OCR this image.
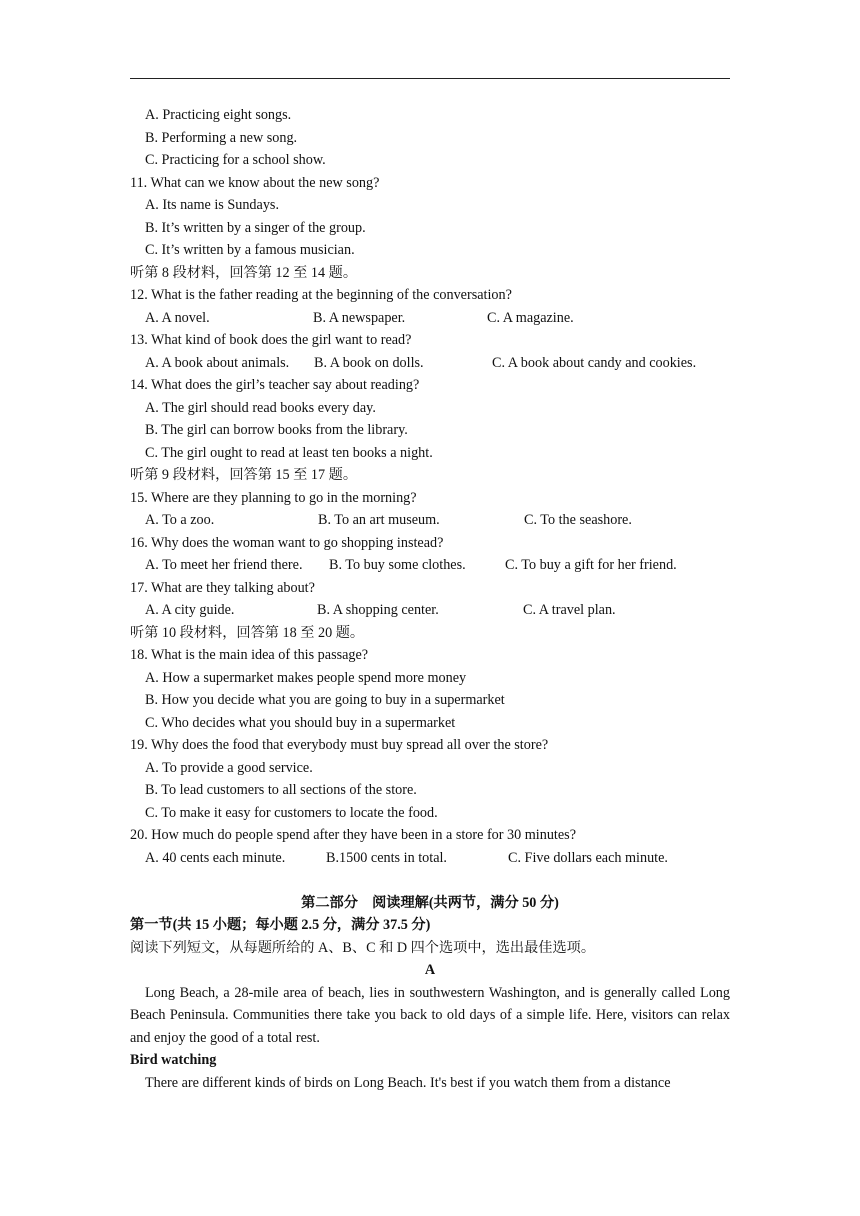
A. Practicing eight songs.
B. Performing a new song.
C. Practicing for a school show.
11. What can we know about the new song?
A. Its name is Sundays.
B. It’s written by a singer of the group.
C. It’s written by a famous musician.
听第 8 段材料，回答第 12 至 14 题。
12. What is the father reading at the beginning of the conversation?
A. A novel.	B. A newspaper.	C. A magazine.
13. What kind of book does the girl want to read?
A. A book about animals.	B. A book on dolls.	C. A book about candy and cookies.
14. What does the girl’s teacher say about reading?
A. The girl should read books every day.
B. The girl can borrow books from the library.
C. The girl ought to read at least ten books a night.
听第 9 段材料，回答第 15 至 17 题。
15. Where are they planning to go in the morning?
A. To a zoo.	B. To an art museum.	C. To the seashore.
16. Why does the woman want to go shopping instead?
A. To meet her friend there.	B. To buy some clothes.	C. To buy a gift for her friend.
17. What are they talking about?
A. A city guide.	B. A shopping center.	C. A travel plan.
听第 10 段材料，回答第 18 至 20 题。
18. What is the main idea of this passage?
A. How a supermarket makes people spend more money
B. How you decide what you are going to buy in a supermarket
C. Who decides what you should buy in a supermarket
19. Why does the food that everybody must buy spread all over the store?
A. To provide a good service.
B. To lead customers to all sections of the store.
C. To make it easy for customers to locate the food.
20. How much do people spend after they have been in a store for 30 minutes?
A. 40 cents each minute.	B.1500 cents in total.	C. Five dollars each minute.
第二部分　阅读理解(共两节，满分 50 分)
第一节(共 15 小题；每小题 2.5 分，满分 37.5 分)
阅读下列短文，从每题所给的 A、B、C 和 D 四个选项中，选出最佳选项。
A
Long Beach, a 28-mile area of beach, lies in southwestern Washington, and is generally called Long Beach Peninsula. Communities there take you back to old days of a simple life. Here, visitors can relax and enjoy the good of a total rest.
Bird watching
There are different kinds of birds on Long Beach. It's best if you watch them from a distance
